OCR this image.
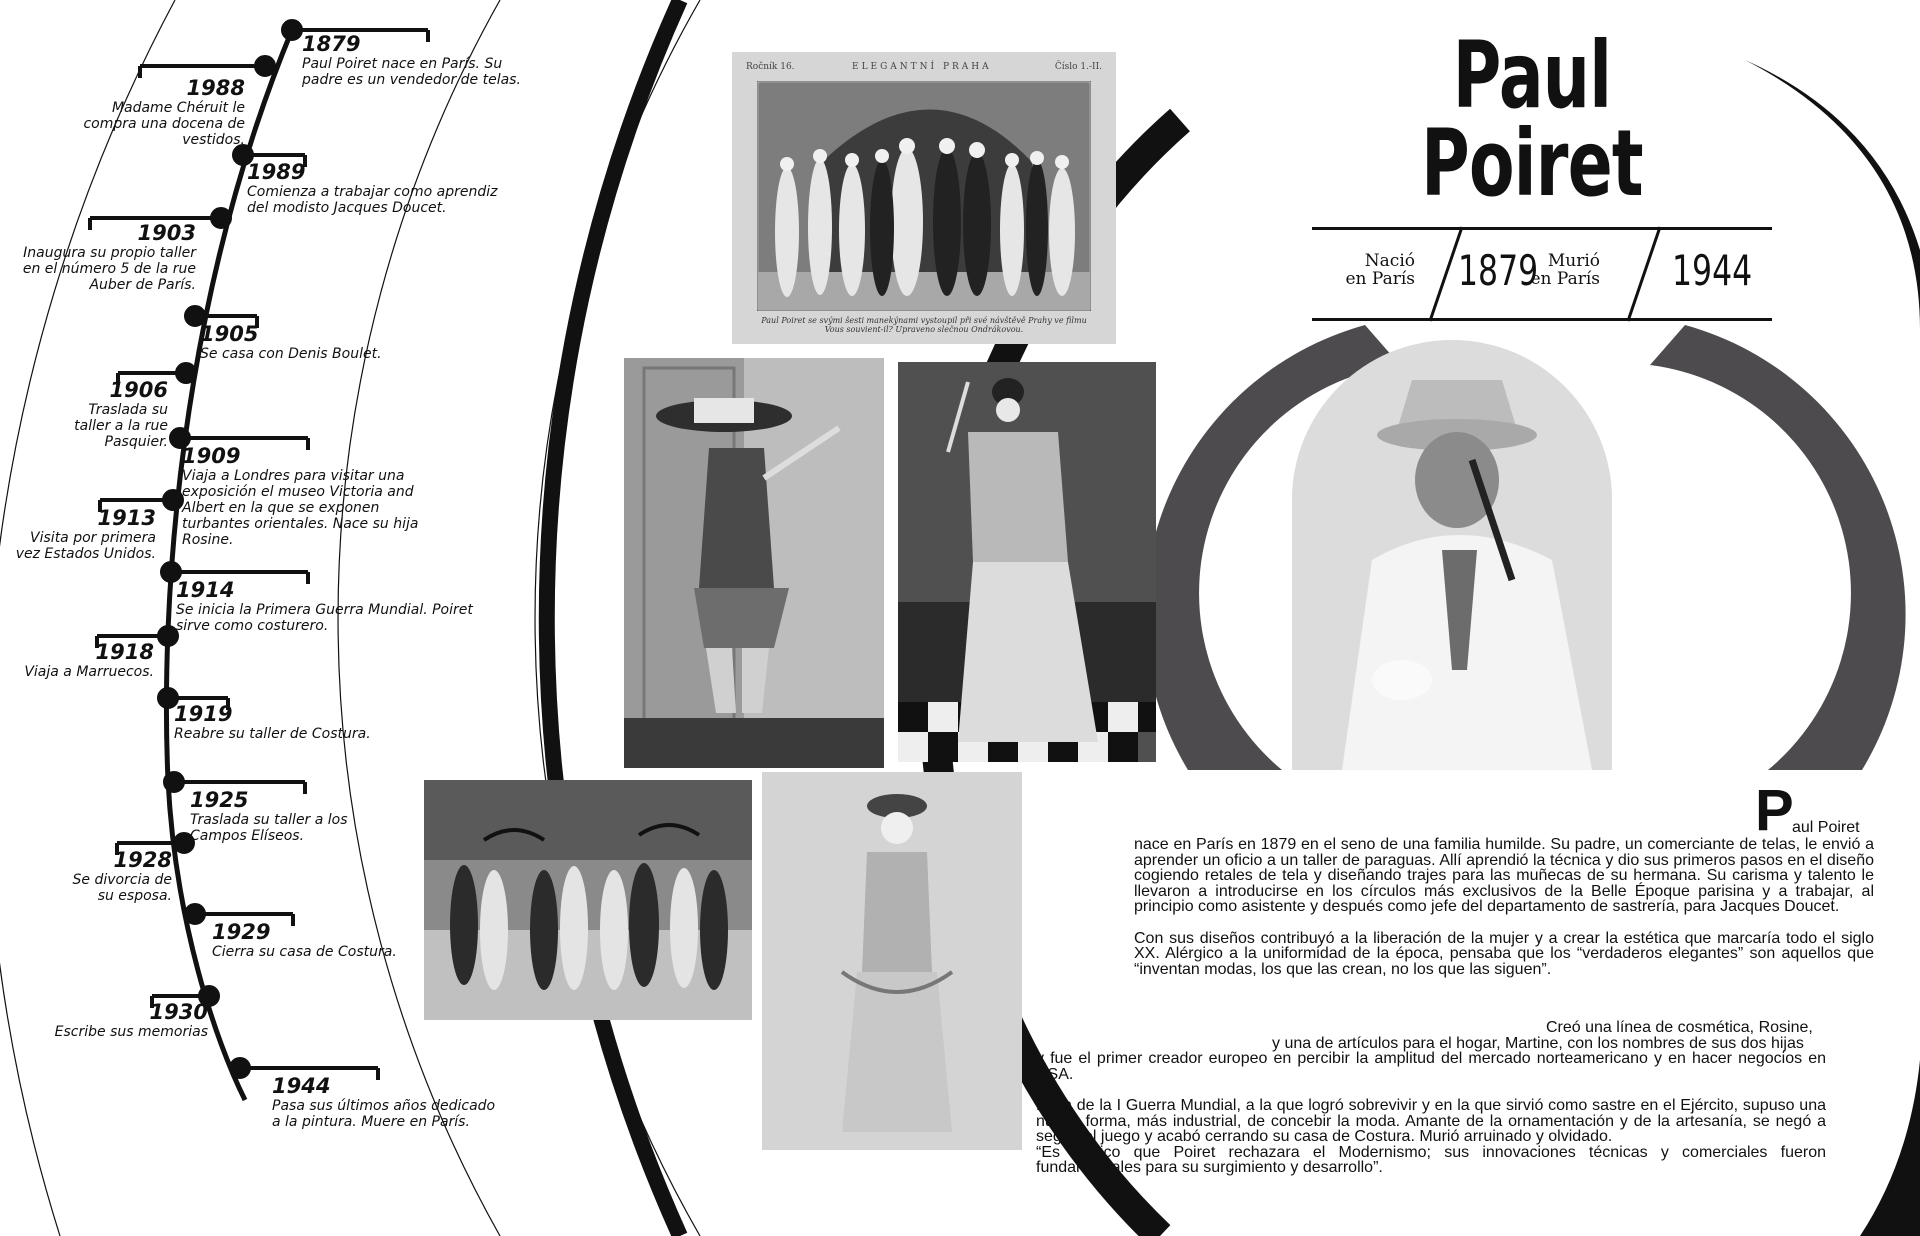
1879
Paul Poiret nace en París. Su padre es un vendedor de telas.
1988
Madame Chéruit le compra una docena de vestidos.
1989
Comienza a trabajar como aprendiz del modisto Jacques Doucet.
1903
Inaugura su propio taller en el número 5 de la rue Auber de París.
1905
Se casa con Denis Boulet.
1906
Traslada su taller a la rue Pasquier.
1909
Viaja a Londres para visitar una exposición el museo Victoria and Albert en la que se exponen turbantes orientales. Nace su hija Rosine.
1913
Visita por primera vez Estados Unidos.
1914
Se inicia la Primera Guerra Mundial. Poiret sirve como costurero.
1918
Viaja a Marruecos.
1919
Reabre su taller de Costura.
1925
Traslada su taller a los Campos Elíseos.
1928
Se divorcia de su esposa.
1929
Cierra su casa de Costura.
1930
Escribe sus memorias
1944
Pasa sus últimos años dedicado a la pintura. Muere en París.
Ročník 16.	ELEGANTNÍ PRAHA	Číslo 1.-II.
Paul Poiret se svými šesti manekýnami vystoupil při své návštěvě Prahy ve filmu Vous souvient-il? Upraveno slečnou Ondrákovou.
Paul
Poiret
Nació
en París 1879 Murió
en París 1944
P
aul Poiret

nace en París en 1879 en el seno de una familia humilde. Su padre, un comerciante de telas, le envió a aprender un oficio a un taller de paraguas. Allí aprendió la técnica y dio sus primeros pasos en el diseño cogiendo retales de tela y diseñando trajes para las muñecas de su hermana. Su carisma y talento le llevaron a introducirse en los círculos más exclusivos de la Belle Époque parisina y a trabajar, al principio como asistente y después como jefe del departamento de sastrería, para Jacques Doucet.

Con sus diseños contribuyó a la liberación de la mujer y a crear la estética que marcaría todo el siglo XX. Alérgico a la uniformidad de la época, pensaba que los “verdaderos elegantes” son aquellos que “inventan modas, los que las crean, no los que las siguen”.

Creó una línea de cosmética, Rosine,
y una de artículos para el hogar, Martine, con los nombres de sus dos hijas

y fue el primer creador europeo en percibir la amplitud del mercado norteamericano y en hacer negocios en USA.

El fin de la I Guerra Mundial, a la que logró sobrevivir y en la que sirvió como sastre en el Ejército, supuso una nueva forma, más industrial, de concebir la moda. Amante de la ornamentación y de la artesanía, se negó a seguir el juego y acabó cerrando su casa de Costura. Murió arruinado y olvidado.

“Es irónico que Poiret rechazara el Modernismo; sus innovaciones técnicas y comerciales fueron fundamentales para su surgimiento y desarrollo”.
